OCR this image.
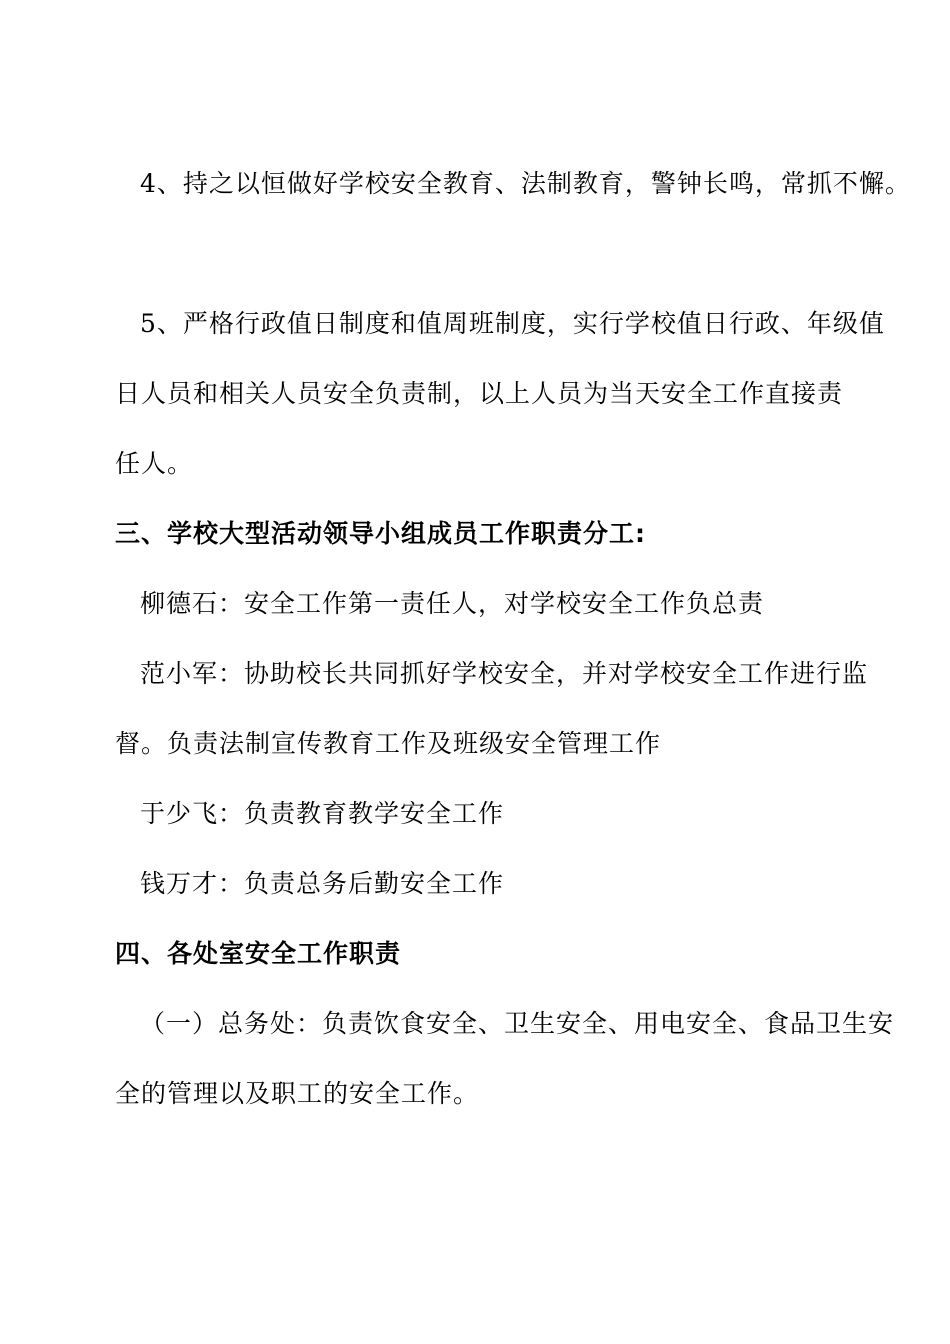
4、持之以恒做好学校安全教育、法制教育，警钟长鸣，常抓不懈。
5、严格行政值日制度和值周班制度，实行学校值日行政、年级值
日人员和相关人员安全负责制，以上人员为当天安全工作直接责
任人。
三、学校大型活动领导小组成员工作职责分工:
柳德石：安全工作第一责任人，对学校安全工作负总责
范小军：协助校长共同抓好学校安全，并对学校安全工作进行监
督。负责法制宣传教育工作及班级安全管理工作
于少飞：负责教育教学安全工作
钱万才：负责总务后勤安全工作
四、各处室安全工作职责
（一）总务处：负责饮食安全、卫生安全、用电安全、食品卫生安
全的管理以及职工的安全工作。
